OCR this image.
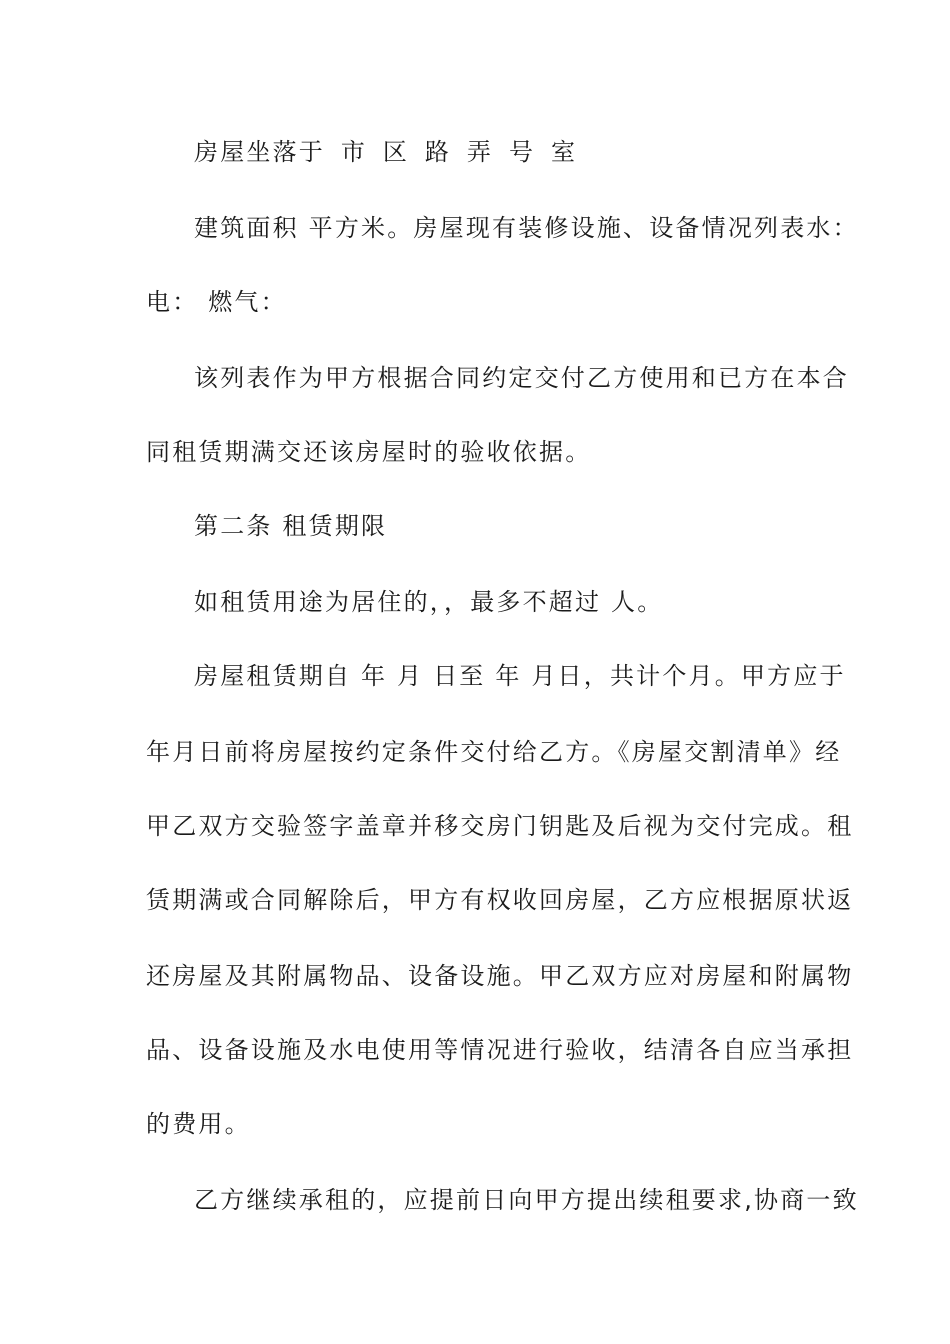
房屋坐落于 市 区 路 弄 号 室

建筑面积 平方米。房屋现有装修设施、设备情况列表水：

电： 燃气：

该列表作为甲方根据合同约定交付乙方使用和已方在本合

同租赁期满交还该房屋时的验收依据。

第二条 租赁期限

如租赁用途为居住的，，最多不超过 人。

房屋租赁期自 年 月 日至 年 月日，共计个月。甲方应于

年月日前将房屋按约定条件交付给乙方。《房屋交割清单》经

甲乙双方交验签字盖章并移交房门钥匙及后视为交付完成。租

赁期满或合同解除后，甲方有权收回房屋，乙方应根据原状返

还房屋及其附属物品、设备设施。甲乙双方应对房屋和附属物

品、设备设施及水电使用等情况进行验收，结清各自应当承担

的费用。

乙方继续承租的，应提前日向甲方提出续租要求,协商一致
